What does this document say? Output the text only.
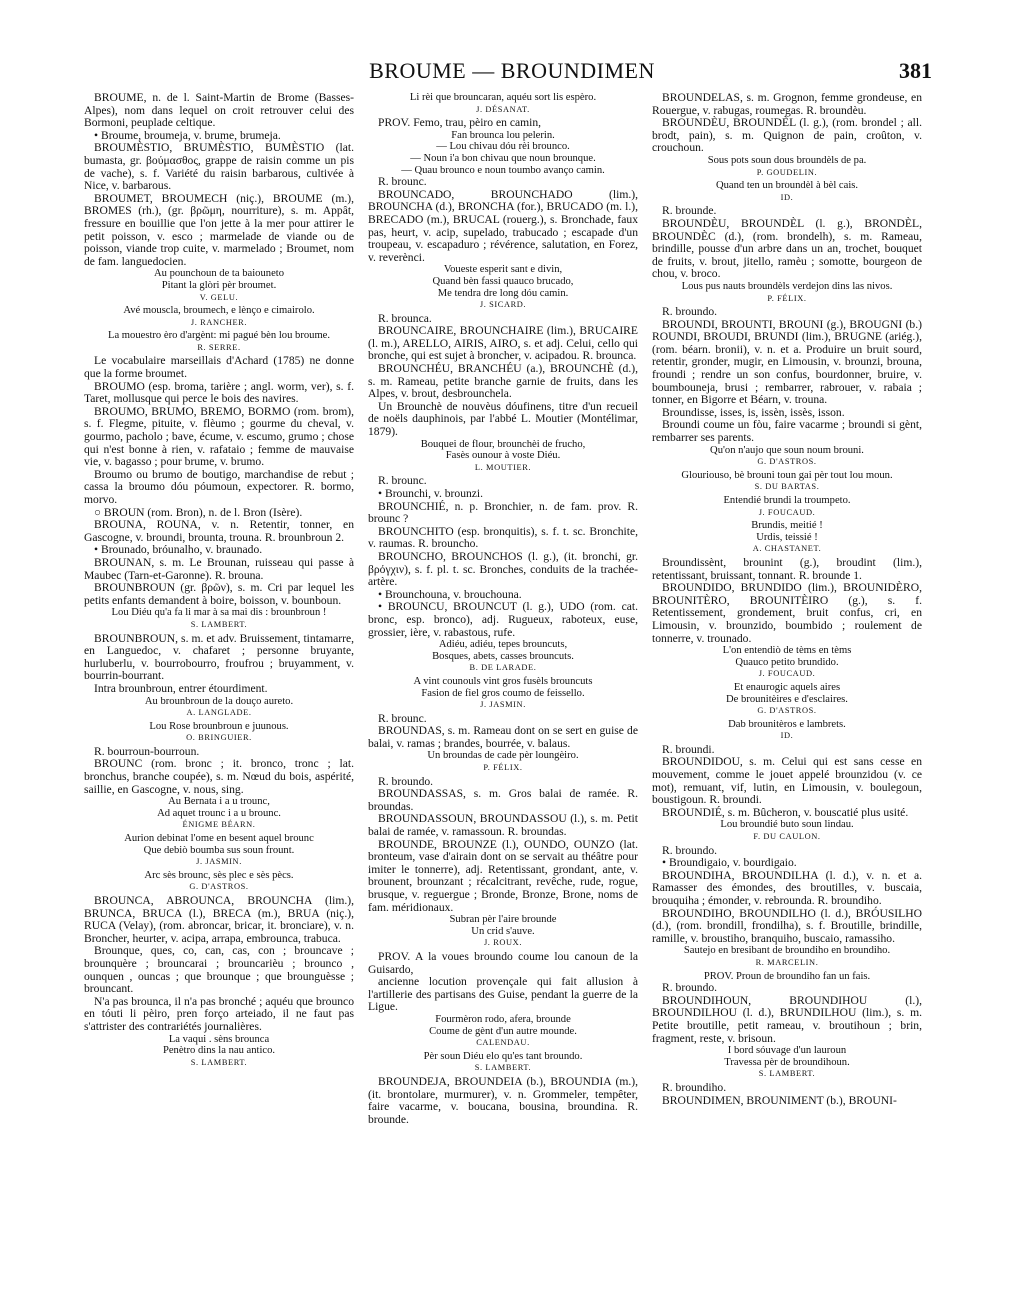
BROUME — BROUNDIMEN	381

BROUME, n. de l. Saint-Martin de Brome (Basses-Alpes), nom dans lequel on croit retrouver celui des Bormoni, peuplade celtique.

• Broume, broumeja, v. brume, brumeja.

BROUMÈSTIO, BRUMÈSTIO, BUMÈSTIO (lat. bumasta, gr. βούμασθος, grappe de raisin comme un pis de vache), s. f. Variété du raisin barbarous, cultivée à Nice, v. barbarous.

BROUMET, BROUMECH (niç.), BROUME (m.), BROMES (rh.), (gr. βρῶμη, nourriture), s. m. Appât, fressure en bouillie que l'on jette à la mer pour attirer le petit poisson, v. esco ; marmelade de viande ou de poisson, viande trop cuite, v. marmelado ; Broumet, nom de fam. languedocien.

Au pounchoun de ta baiouneto
Pitant la glòri pèr broumet.
V. GELU.
Avé mouscla, broumech, e lènço e cimairolo.
J. RANCHER.
La mouestro èro d'argènt: mi pagué bèn lou broume.
R. SERRE.

Le vocabulaire marseillais d'Achard (1785) ne donne que la forme broumet.

BROUMO (esp. broma, tarière ; angl. worm, ver), s. f. Taret, mollusque qui perce le bois des navires.

BROUMO, BRUMO, BREMO, BORMO (rom. brom), s. f. Flegme, pituite, v. flèumo ; gourme du cheval, v. gourmo, pacholo ; bave, écume, v. escumo, grumo ; chose qui n'est bonne à rien, v. rafataio ; femme de mauvaise vie, v. bagasso ; pour brume, v. brumo.

Broumo ou brumo de boutigo, marchandise de rebut ; cassa la broumo dóu póumoun, expectorer. R. bormo, morvo.

○ BROUN (rom. Bron), n. de l. Bron (Isère).

BROUNA, ROUNA, v. n. Retentir, tonner, en Gascogne, v. broundi, brounta, trouna. R. brounbroun 2.

• Brounado, bróunalho, v. braunado.

BROUNAN, s. m. Le Brounan, ruisseau qui passe à Maubec (Tarn-et-Garonne). R. brouna.

BROUNBROUN (gr. βρῶν), s. m. Cri par lequel les petits enfants demandent à boire, boisson, v. bounboun.

Lou Diéu qu'a fa li mar à sa mai dis : brounbroun !
S. LAMBERT.

BROUNBROUN, s. m. et adv. Bruissement, tintamarre, en Languedoc, v. chafaret ; personne bruyante, hurluberlu, v. bourrobourro, froufrou ; bruyamment, v. bourrin-bourrant.

Intra brounbroun, entrer étourdiment.

Au brounbroun de la douço aureto.
A. LANGLADE.
Lou Rose brounbroun e juunous.
O. BRINGUIER.

R. bourroun-bourroun.

BROUNC (rom. bronc ; it. bronco, tronc ; lat. bronchus, branche coupée), s. m. Nœud du bois, aspérité, saillie, en Gascogne, v. nous, sing.

Au Bernata i a u trounc,
Ad aquet trounc i a u brounc.
ÉNIGME BÉARN.
Aurion debinat l'ome en besent aquel brounc
Que debiò boumba sus soun frount.
J. JASMIN.
Arc sès brounc, sès plec e sès pècs.
G. D'ASTROS.

BROUNCA, ABROUNCA, BROUNCHA (lim.), BRUNCA, BRUCA (l.), BRECA (m.), BRUA (niç.), RUCA (Velay), (rom. abroncar, bricar, it. bronciare), v. n. Broncher, heurter, v. acipa, arrapa, embrounca, trabuca.

Brounque, ques, co, can, cas, con ; brouncave ; brounquère ; brouncarai ; brouncarièu ; brounco , ounquen , ouncas ; que brounque ; que brounguèsse ; brouncant.

N'a pas brounca, il n'a pas bronché ; aquéu que brounco en tóuti li pèiro, pren forço arteiado, il ne faut pas s'attrister des contrariétés journalières.

La vaqui . sèns brounca
Penètro dins la nau antico.
S. LAMBERT.
Li rèi que brouncaran, aquéu sort lis espèro.
J. DÉSANAT.

PROV. Femo, trau, pèiro en camin,

Fan brounca lou pelerin.
— Lou chivau dóu rèi brounco.
— Noun i'a bon chivau que noun brounque.
— Quau brounco e noun toumbo avanço camin.

R. brounc.

BROUNCADO, BROUNCHADO (lim.), BROUNCHA (d.), BRONCHA (for.), BRUCADO (m. l.), BRECADO (m.), BRUCAL (rouerg.), s. Bronchade, faux pas, heurt, v. acip, supelado, trabucado ; escapade d'un troupeau, v. escapaduro ; révérence, salutation, en Forez, v. reverènci.

Voueste esperit sant e divin,
Quand bèn fassi quauco brucado,
Me tendra dre long dóu camin.
J. SICARD.

R. brounca.

BROUNCAIRE, BROUNCHAIRE (lim.), BRUCAIRE (l. m.), ARELLO, AIRIS, AIRO, s. et adj. Celui, cello qui bronche, qui est sujet à broncher, v. acipadou. R. brounca.

BROUNCHÉU, BRANCHÉU (a.), BROUNCHÈ (d.), s. m. Rameau, petite branche garnie de fruits, dans les Alpes, v. brout, desbrounchela.

Un Brounchè de nouvèus dóufinens, titre d'un recueil de noëls dauphinois, par l'abbé L. Moutier (Montélimar, 1879).

Bouquei de flour, brounchèi de frucho,
Fasès ounour à voste Diéu.
L. MOUTIER.

R. brounc.

• Brounchi, v. brounzi.

BROUNCHIÉ, n. p. Bronchier, n. de fam. prov. R. brounc ?

BROUNCHITO (esp. bronquitis), s. f. t. sc. Bronchite, v. raumas. R. brouncho.

BROUNCHO, BROUNCHOS (l. g.), (it. bronchi, gr. βρόγχιν), s. f. pl. t. sc. Bronches, conduits de la trachée-artère.

• Brounchouna, v. brouchouna.

• BROUNCU, BROUNCUT (l. g.), UDO (rom. cat. bronc, esp. bronco), adj. Rugueux, raboteux, euse, grossier, ière, v. rabastous, rufe.

Adiéu, adiéu, tepes brouncuts,
Bosques, abets, casses brouncuts.
B. DE LARADE.
A vint counouls vint gros fusèls brouncuts
Fasion de fiel gros coumo de feissello.
J. JASMIN.

R. brounc.

BROUNDAS, s. m. Rameau dont on se sert en guise de balai, v. ramas ; brandes, bourrée, v. balaus.

Un broundas de cade pèr loungèiro.
P. FÉLIX.

R. broundo.

BROUNDASSAS, s. m. Gros balai de ramée. R. broundas.

BROUNDASSOUN, BROUNDASSOU (l.), s. m. Petit balai de ramée, v. ramassoun. R. broundas.

BROUNDE, BROUNZE (l.), OUNDO, OUNZO (lat. bronteum, vase d'airain dont on se servait au théâtre pour imiter le tonnerre), adj. Retentissant, grondant, ante, v. brounent, brounzant ; récalcitrant, revêche, rude, rogue, brusque, v. reguergue ; Bronde, Bronze, Brone, noms de fam. méridionaux.

Subran pèr l'aire brounde
Un crid s'auve.
J. ROUX.

PROV. A la voues broundo coume lou canoun de la Guisardo,

ancienne locution provençale qui fait allusion à l'artillerie des partisans des Guise, pendant la guerre de la Ligue.

Fourmèron rodo, afera, brounde
Coume de gènt d'un autre mounde.
CALENDAU.
Pèr soun Diéu elo qu'es tant broundo.
S. LAMBERT.

BROUNDEJA, BROUNDEIA (b.), BROUNDIA (m.), (it. brontolare, murmurer), v. n. Grommeler, tempêter, faire vacarme, v. boucana, bousina, broundina. R. brounde.

BROUNDELAS, s. m. Grognon, femme grondeuse, en Rouergue, v. rabugas, roumegas. R. broundèu.

BROUNDÈU, BROUNDÈL (l. g.), (rom. brondel ; all. brodt, pain), s. m. Quignon de pain, croûton, v. crouchoun.

Sous pots soun dous broundèls de pa.
P. GOUDELIN.
Quand ten un broundèl à bèl cais.
ID.

R. brounde.

BROUNDÈU, BROUNDÈL (l. g.), BRONDÈL, BROUNDÈC (d.), (rom. brondelh), s. m. Rameau, brindille, pousse d'un arbre dans un an, trochet, bouquet de fruits, v. brout, jitello, ramèu ; somotte, bourgeon de chou, v. broco.

Lous pus nauts broundèls verdejon dins las nivos.
P. FÉLIX.

R. broundo.

BROUNDI, BROUNTI, BROUNI (g.), BROUGNI (b.) ROUNDI, BROUDI, BRUNDI (lim.), BRUGNE (ariég.), (rom. béarn. bronii), v. n. et a. Produire un bruit sourd, retentir, gronder, mugir, en Limousin, v. brounzi, brouna, froundi ; rendre un son confus, bourdonner, bruire, v. boumbouneja, brusi ; rembarrer, rabrouer, v. rabaia ; tonner, en Bigorre et Béarn, v. trouna.

Broundisse, isses, is, issèn, issès, isson.

Broundi coume un fòu, faire vacarme ; broundi si gènt, rembarrer ses parents.

Qu'on n'aujo que soun noum brouni.
G. D'ASTROS.
Glouriouso, bè brouni toun gai pèr tout lou moun.
S. DU BARTAS.
Entendié brundi la troumpeto.
J. FOUCAUD.
Brundis, meitié !
Urdis, teissié !
A. CHASTANET.

Broundissènt, brounint (g.), broudint (lim.), retentissant, bruissant, tonnant. R. brounde 1.

BROUNDIDO, BRUNDIDO (lim.), BROUNIDÈRO, BROUNITÈRO, BROUNITÈIRO (g.), s. f. Retentissement, grondement, bruit confus, cri, en Limousin, v. brounzido, boumbido ; roulement de tonnerre, v. trounado.

L'on entendiò de tèms en tèms
Quauco petito brundido.
J. FOUCAUD.
Et enaurogic aquels aires
De brounitèires e d'esclaires.
G. D'ASTROS.
Dab brounitèros e lambrets.
ID.

R. broundi.

BROUNDIDOU, s. m. Celui qui est sans cesse en mouvement, comme le jouet appelé brounzidou (v. ce mot), remuant, vif, lutin, en Limousin, v. boulegoun, boustigoun. R. broundi.

BROUNDIÉ, s. m. Bûcheron, v. bouscatié plus usité.

Lou broundié buto soun lindau.
F. DU CAULON.

R. broundo.

• Broundigaio, v. bourdigaio.

BROUNDIHA, BROUNDILHA (l. d.), v. n. et a. Ramasser des émondes, des broutilles, v. buscaia, brouquiha ; émonder, v. rebrounda. R. broundiho.

BROUNDIHO, BROUNDILHO (l. d.), BRÓUSILHO (d.), (rom. brondill, frondilha), s. f. Broutille, brindille, ramille, v. broustiho, branquiho, buscaio, ramassiho.

Sautejo en bresibant de broundiho en broundiho.
R. MARCELIN.
PROV. Proun de broundiho fan un fais.

R. broundo.

BROUNDIHOUN, BROUNDIHOU (l.), BROUNDILHOU (l. d.), BRUNDILHOU (lim.), s. m. Petite broutille, petit rameau, v. broutihoun ; brin, fragment, reste, v. brisoun.

I bord sóuvage d'un lauroun
Travessa pèr de broundihoun.
S. LAMBERT.

R. broundiho.

BROUNDIMEN, BROUNIMENT (b.), BROUNI-
